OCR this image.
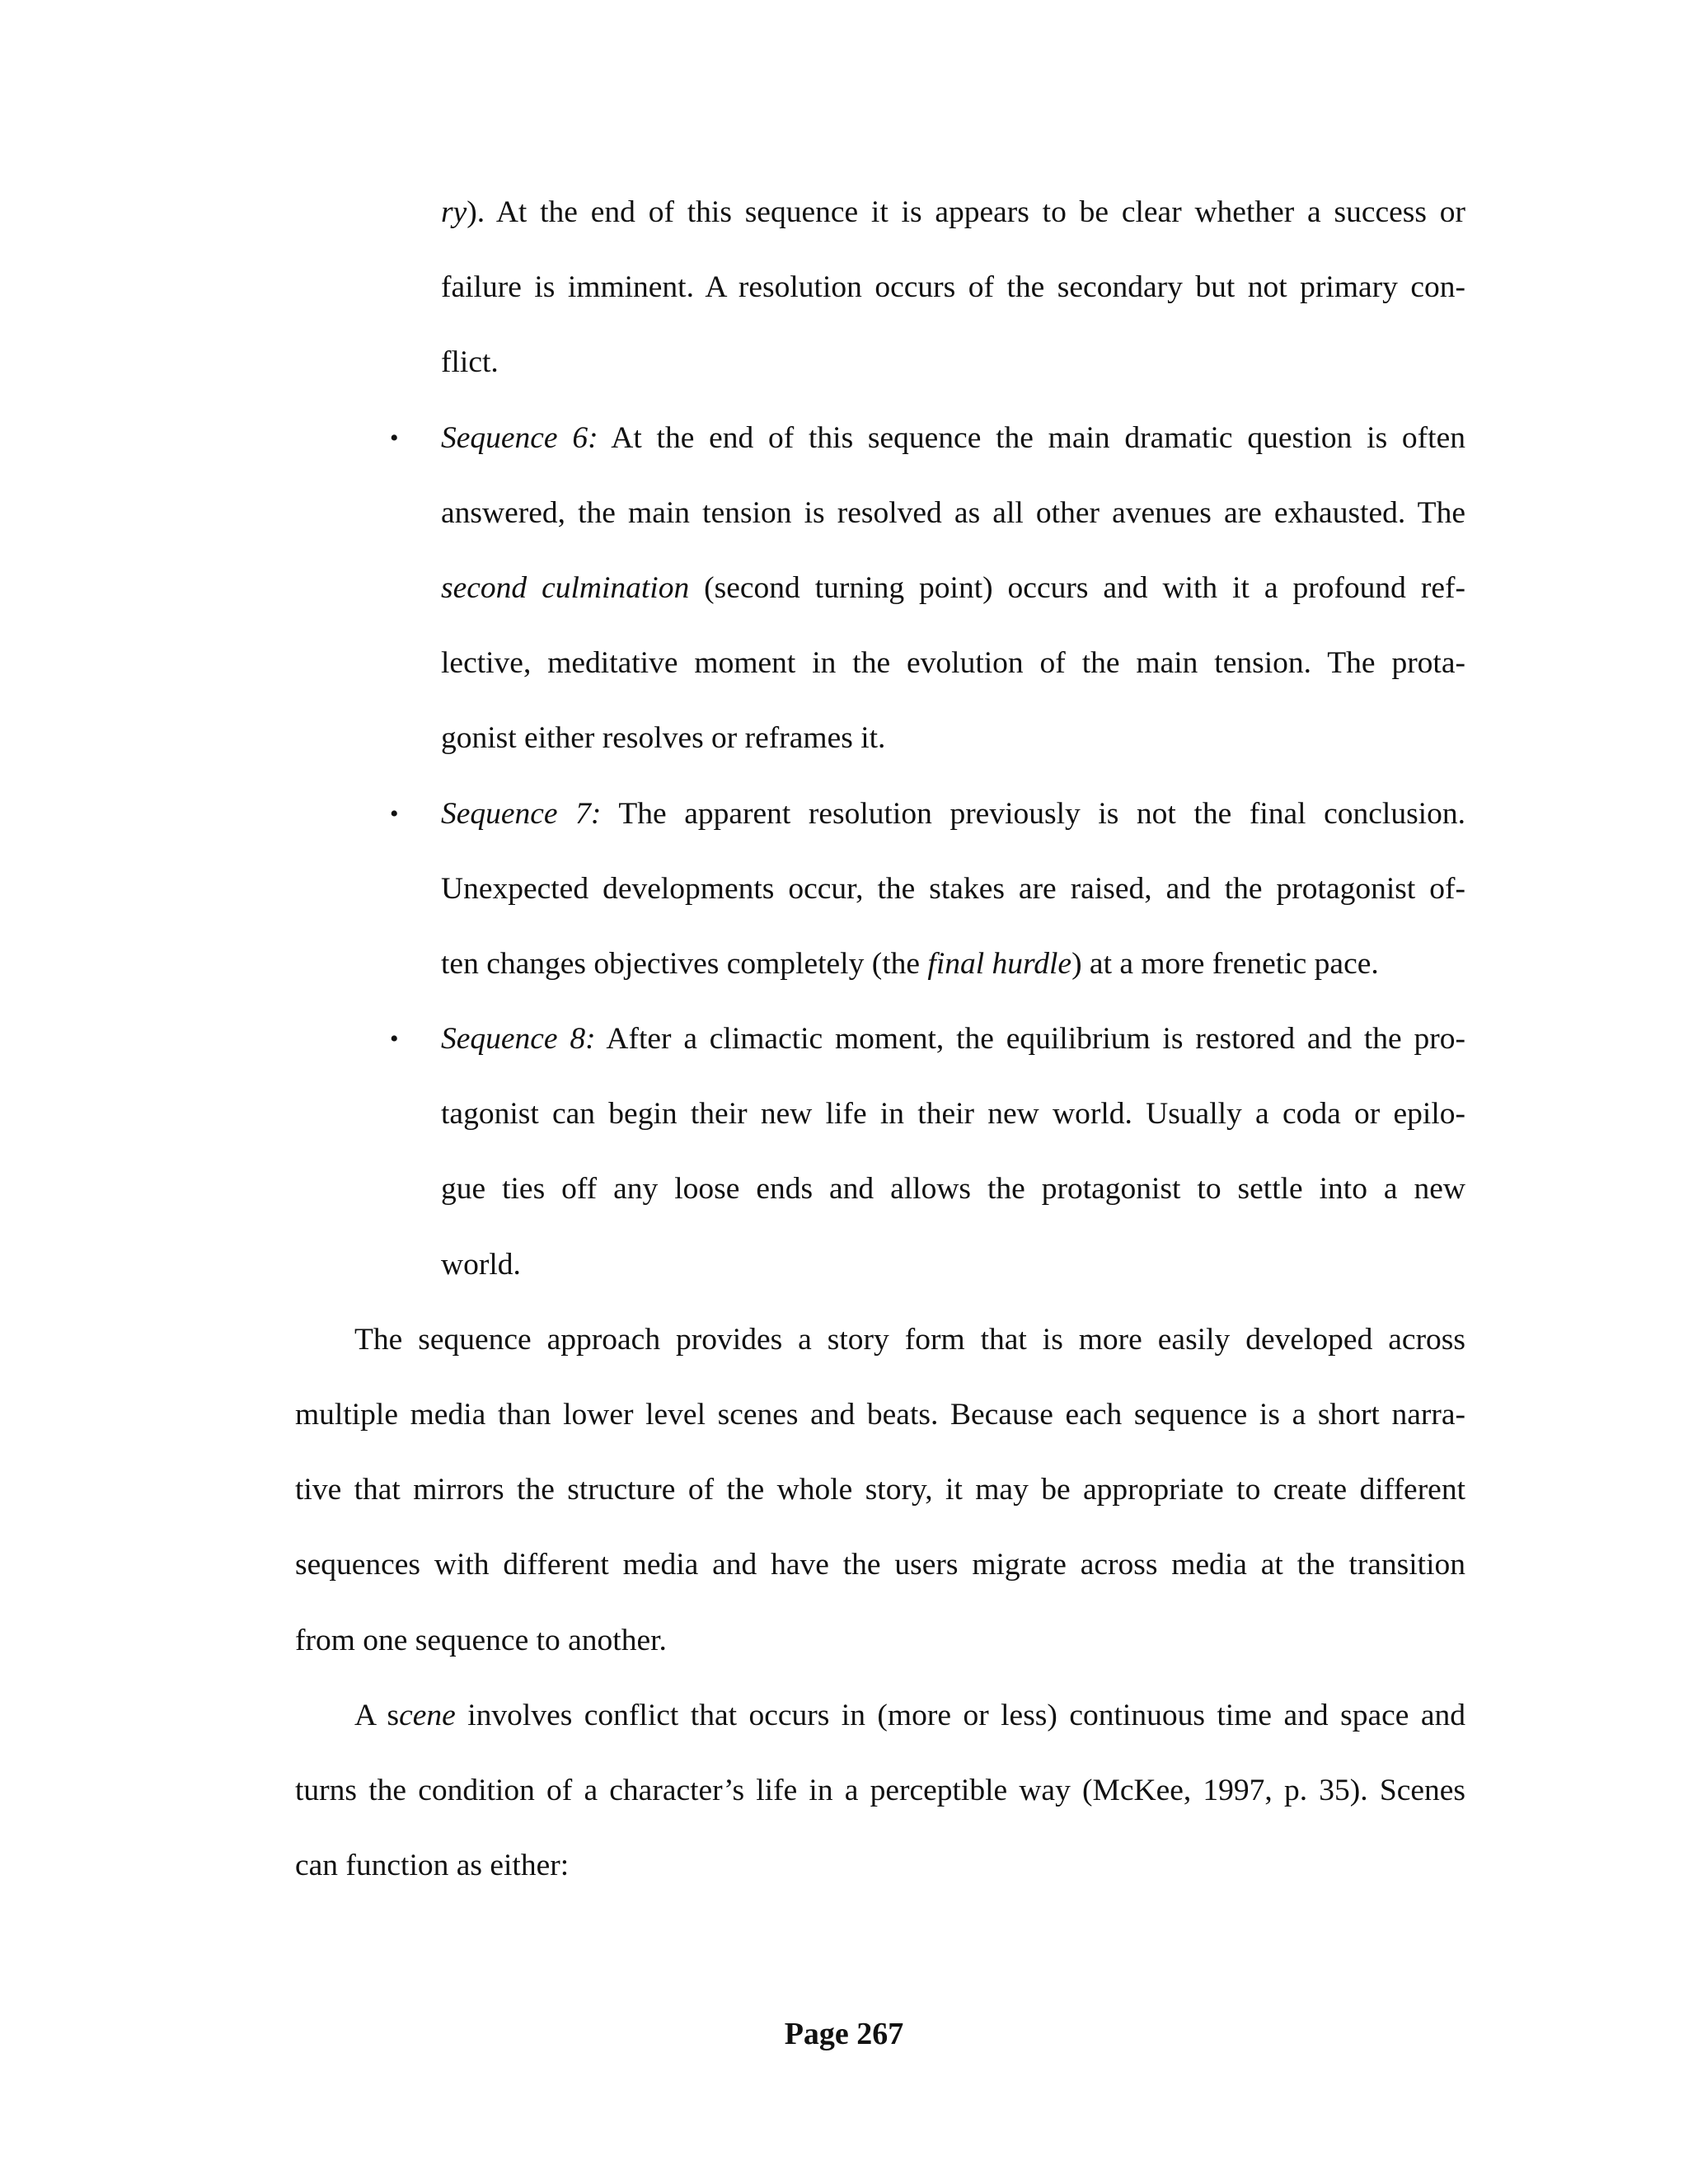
ry). At the end of this sequence it is appears to be clear whether a success or
failure is imminent. A resolution occurs of the secondary but not primary con-
flict.
• Sequence 6: At the end of this sequence the main dramatic question is often
answered, the main tension is resolved as all other avenues are exhausted. The
second culmination (second turning point) occurs and with it a profound ref-
lective, meditative moment in the evolution of the main tension. The prota-
gonist either resolves or reframes it.
• Sequence 7: The apparent resolution previously is not the final conclusion.
Unexpected developments occur, the stakes are raised, and the protagonist of-
ten changes objectives completely (the final hurdle) at a more frenetic pace.
• Sequence 8: After a climactic moment, the equilibrium is restored and the pro-
tagonist can begin their new life in their new world. Usually a coda or epilo-
gue ties off any loose ends and allows the protagonist to settle into a new
world.
The sequence approach provides a story form that is more easily developed across
multiple media than lower level scenes and beats. Because each sequence is a short narra-
tive that mirrors the structure of the whole story, it may be appropriate to create different
sequences with different media and have the users migrate across media at the transition
from one sequence to another.
A scene involves conflict that occurs in (more or less) continuous time and space and
turns the condition of a character’s life in a perceptible way (McKee, 1997, p. 35). Scenes
can function as either:
Page 267
